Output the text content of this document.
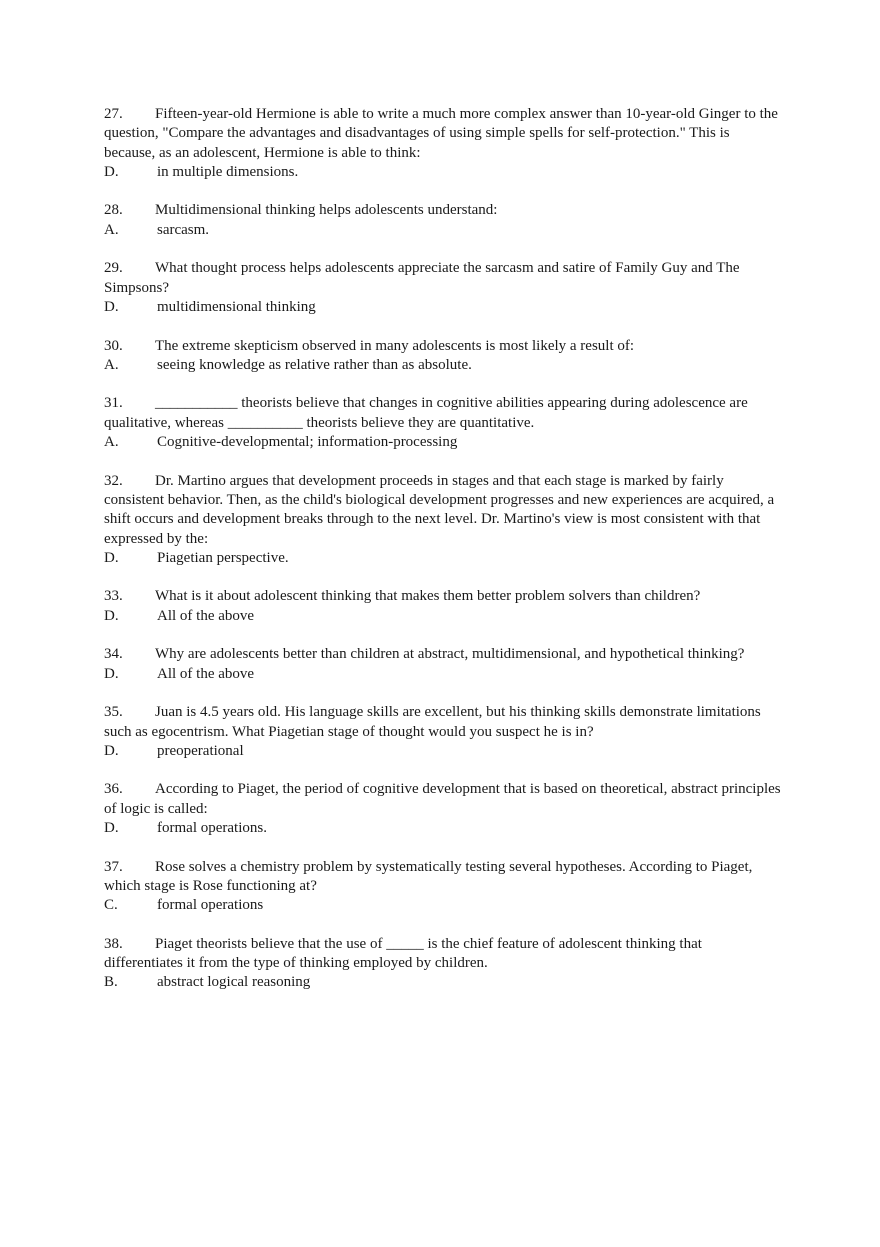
27. Fifteen-year-old Hermione is able to write a much more complex answer than 10-year-old Ginger to the question, "Compare the advantages and disadvantages of using simple spells for self-protection." This is because, as an adolescent, Hermione is able to think:

D.	in multiple dimensions.

28. Multidimensional thinking helps adolescents understand:

A.	sarcasm.

29. What thought process helps adolescents appreciate the sarcasm and satire of Family Guy and The Simpsons?

D.	multidimensional thinking

30. The extreme skepticism observed in many adolescents is most likely a result of:

A.	seeing knowledge as relative rather than as absolute.

31. ___________ theorists believe that changes in cognitive abilities appearing during adolescence are qualitative, whereas __________ theorists believe they are quantitative.

A.	Cognitive-developmental; information-processing

32. Dr. Martino argues that development proceeds in stages and that each stage is marked by fairly consistent behavior. Then, as the child's biological development progresses and new experiences are acquired, a shift occurs and development breaks through to the next level. Dr. Martino's view is most consistent with that expressed by the:

D.	Piagetian perspective.

33. What is it about adolescent thinking that makes them better problem solvers than children?

D.	All of the above

34. Why are adolescents better than children at abstract, multidimensional, and hypothetical thinking?

D.	All of the above

35. Juan is 4.5 years old. His language skills are excellent, but his thinking skills demonstrate limitations such as egocentrism. What Piagetian stage of thought would you suspect he is in?

D.	preoperational

36. According to Piaget, the period of cognitive development that is based on theoretical, abstract principles of logic is called:

D.	formal operations.

37. Rose solves a chemistry problem by systematically testing several hypotheses. According to Piaget, which stage is Rose functioning at?

C.	formal operations

38. Piaget theorists believe that the use of _____ is the chief feature of adolescent thinking that differentiates it from the type of thinking employed by children.

B.	abstract logical reasoning
